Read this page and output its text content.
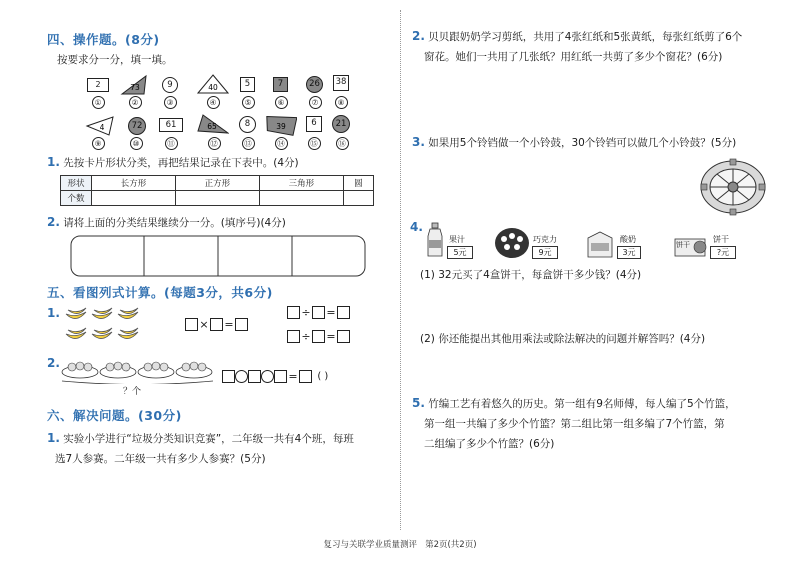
四、操作题。(8分)
按要求分一分，填一填。
2	73	9	40	5	7	26	38
①	②	③	④	⑤	⑥	⑦	⑧
4	72	61	65	8	39	6	21
⑨	⑩	⑪	⑫	⑬	⑭	⑮	⑯
1. 先按卡片形状分类，再把结果记录在下表中。(4分)
形状	长方形	正方形	三角形	圆
个数				
2. 请将上面的分类结果继续分一分。(填序号)(4分)
五、看图列式计算。(每题3分，共6分)
1.
× =
÷ =
÷ =
2.
？个
= ( )
六、解决问题。(30分)
1. 实验小学进行“垃圾分类知识竞赛”，二年级一共有4个班，每班
选7人参赛。二年级一共有多少人参赛？(5分)
2. 贝贝跟奶奶学习剪纸，共用了4张红纸和5张黄纸，每张红纸剪了6个
窗花。她们一共用了几张纸？用红纸一共剪了多少个窗花？(6分)
3. 如果用5个铃铛做一个小铃鼓，30个铃铛可以做几个小铃鼓？(5分)
4.
果汁
5元
巧克力
9元
酸奶
3元
饼干
饼干
?元
(1) 32元买了4盒饼干，每盒饼干多少钱？(4分)
(2) 你还能提出其他用乘法或除法解决的问题并解答吗？(4分)
5. 竹编工艺有着悠久的历史。第一组有9名师傅，每人编了5个竹篮，
第一组一共编了多少个竹篮？第二组比第一组多编了7个竹篮，第
二组编了多少个竹篮？(6分)
复习与关联学业质量测评 第2页(共2页)
